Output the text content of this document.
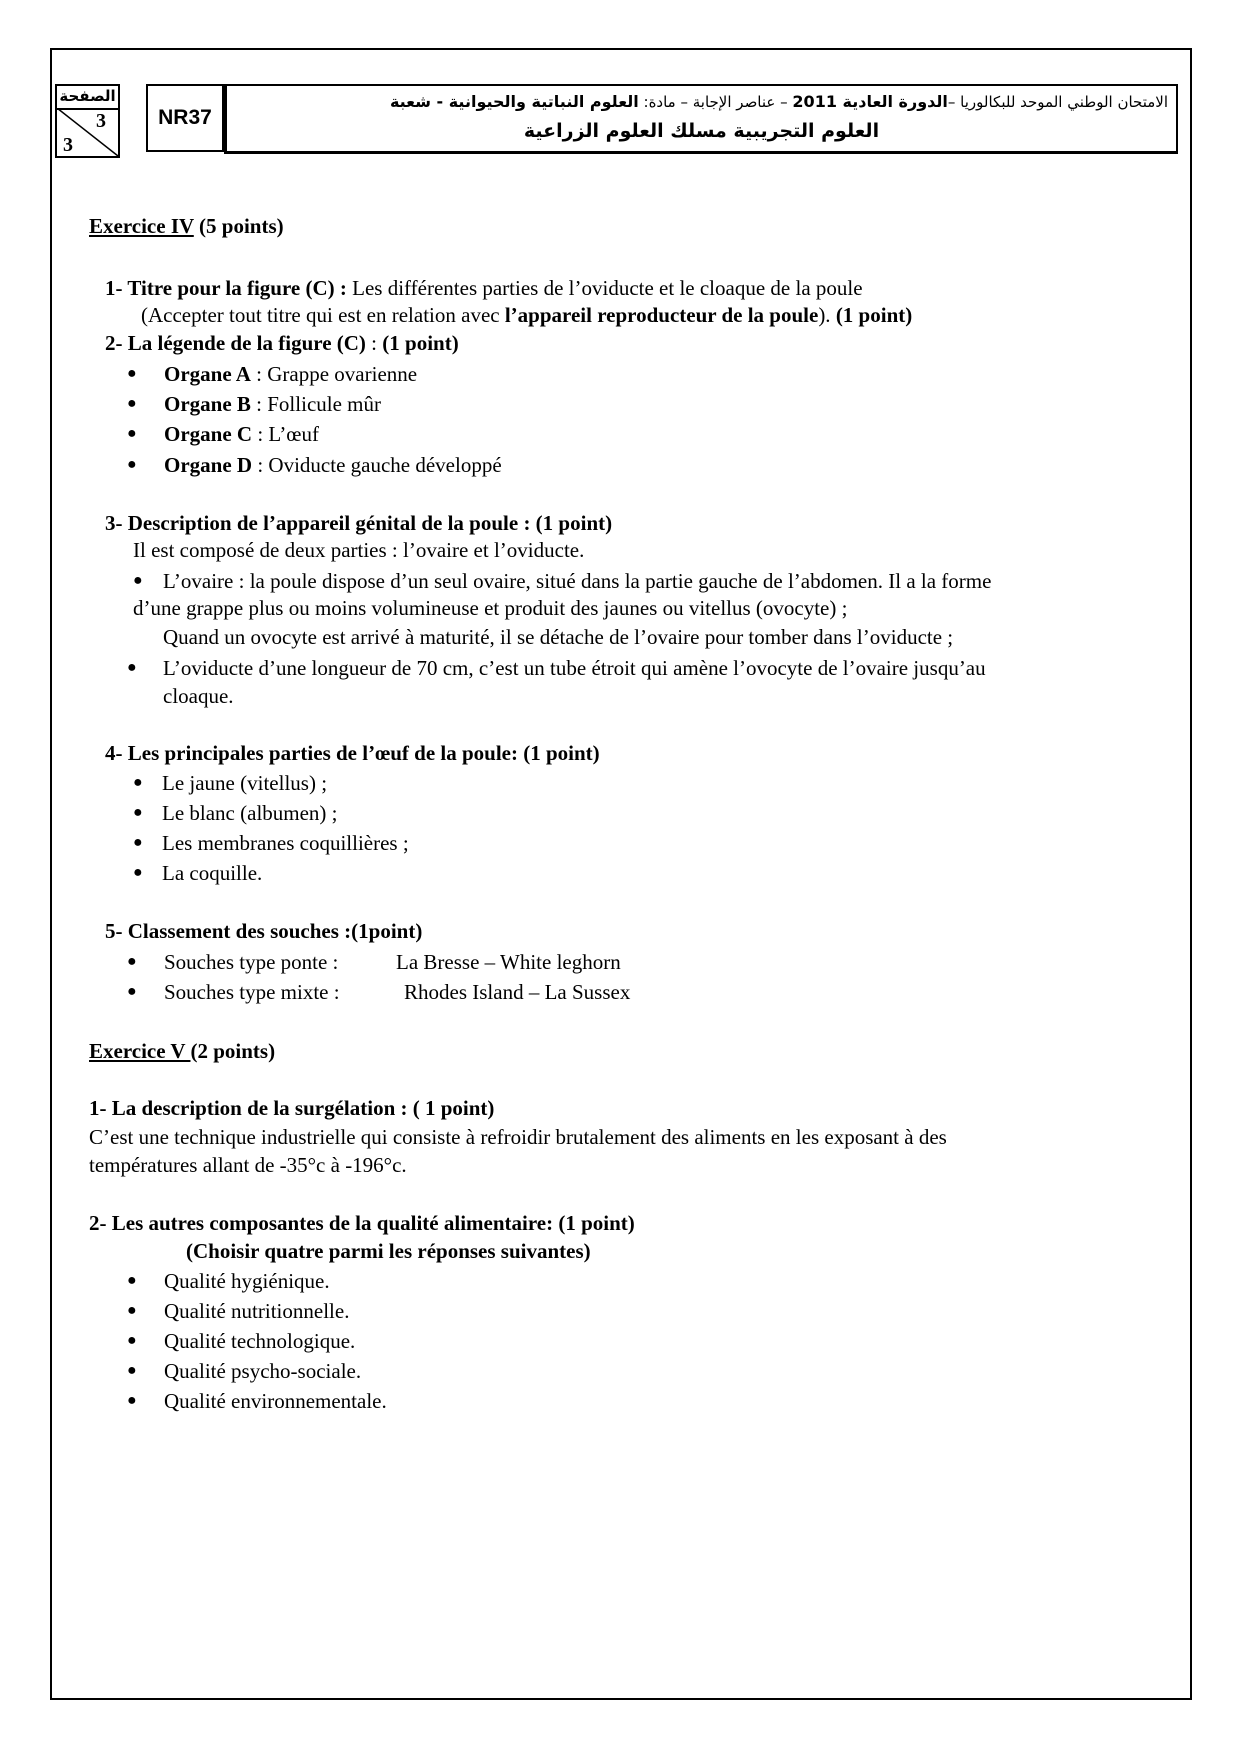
الصفحة
3
3
NR37
الامتحان الوطني الموحد للبكالوريا –الدورة العادية 2011 – عناصر الإجابة – مادة: العلوم النباتية والحيوانية - شعبة
العلوم التجريبية مسلك العلوم الزراعية
Exercice IV (5 points)
1- Titre pour la figure (C) : Les différentes parties de l’oviducte et le cloaque de la poule
(Accepter tout titre qui est en relation avec l’appareil reproducteur de la poule). (1 point)
2- La légende de la figure (C) : (1 point)
● Organe A : Grappe ovarienne
● Organe B : Follicule mûr
● Organe C : L’œuf
● Organe D : Oviducte gauche développé
3- Description de l’appareil génital de la poule : (1 point)
Il est composé de deux parties : l’ovaire et l’oviducte.
● L’ovaire : la poule dispose d’un seul ovaire, situé dans la partie gauche de l’abdomen. Il a la forme
d’une grappe plus ou moins volumineuse et produit des jaunes ou vitellus (ovocyte) ;
Quand un ovocyte est arrivé à maturité, il se détache de l’ovaire pour tomber dans l’oviducte ;
● L’oviducte d’une longueur de 70 cm, c’est un tube étroit qui amène l’ovocyte de l’ovaire jusqu’au
cloaque.
4- Les principales parties de l’œuf de la poule: (1 point)
● Le jaune (vitellus) ;
● Le blanc (albumen) ;
● Les membranes coquillières ;
● La coquille.
5- Classement des souches :(1point)
● Souches type ponte :	La Bresse – White leghorn
● Souches type mixte :	Rhodes Island – La Sussex
Exercice V (2 points)
1- La description de la surgélation : ( 1 point)
C’est une technique industrielle qui consiste à refroidir brutalement des aliments en les exposant à des
températures allant de -35°c à -196°c.
2- Les autres composantes de la qualité alimentaire: (1 point)
(Choisir quatre parmi les réponses suivantes)
● Qualité hygiénique.
● Qualité nutritionnelle.
● Qualité technologique.
● Qualité psycho-sociale.
● Qualité environnementale.
